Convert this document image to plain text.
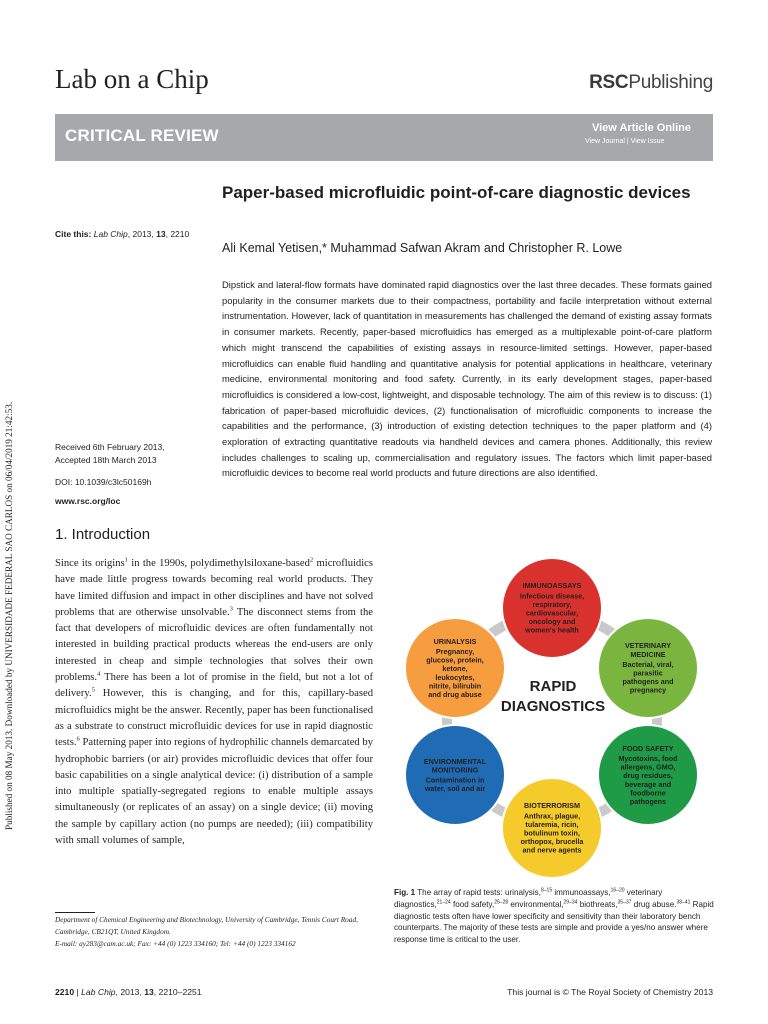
Published on 08 May 2013. Downloaded by UNIVERSIDADE FEDERAL SAO CARLOS on 06/04/2019 21:42:53.
Lab on a Chip	RSCPublishing
CRITICAL REVIEW	View Article Online
View Journal | View Issue
Paper-based microfluidic point-of-care diagnostic devices
Cite this: Lab Chip, 2013, 13, 2210
Ali Kemal Yetisen,* Muhammad Safwan Akram and Christopher R. Lowe
Dipstick and lateral-flow formats have dominated rapid diagnostics over the last three decades. These formats gained popularity in the consumer markets due to their compactness, portability and facile interpretation without external instrumentation. However, lack of quantitation in measurements has challenged the demand of existing assay formats in consumer markets. Recently, paper-based microfluidics has emerged as a multiplexable point-of-care platform which might transcend the capabilities of existing assays in resource-limited settings. However, paper-based microfluidics can enable fluid handling and quantitative analysis for potential applications in healthcare, veterinary medicine, environmental monitoring and food safety. Currently, in its early development stages, paper-based microfluidics is considered a low-cost, lightweight, and disposable technology. The aim of this review is to discuss: (1) fabrication of paper-based microfluidic devices, (2) functionalisation of microfluidic components to increase the capabilities and the performance, (3) introduction of existing detection techniques to the paper platform and (4) exploration of extracting quantitative readouts via handheld devices and camera phones. Additionally, this review includes challenges to scaling up, commercialisation and regulatory issues. The factors which limit paper-based microfluidic devices to become real world products and future directions are also identified.
Received 6th February 2013,
Accepted 18th March 2013
DOI: 10.1039/c3lc50169h
www.rsc.org/loc
1. Introduction
Since its origins$^1$ in the 1990s, polydimethylsiloxane-based$^2$ microfluidics have made little progress towards becoming real world products. They have limited diffusion and impact in other disciplines and have not solved problems that are otherwise unsolvable.$^3$ The disconnect stems from the fact that developers of microfluidic devices are often fundamentally not interested in building practical products whereas the end-users are only interested in cheap and simple technologies that solves their own problems.$^4$ There has been a lot of promise in the field, but not a lot of delivery.$^5$ However, this is changing, and for this, capillary-based microfluidics might be the answer. Recently, paper has been functionalised as a substrate to construct microfluidic devices for use in rapid diagnostic tests.$^6$ Patterning paper into regions of hydrophilic channels demarcated by hydrophobic barriers (or air) provides microfluidic devices that offer four basic capabilities on a single analytical device: (i) distribution of a sample into multiple spatially-segregated regions to enable multiple assays simultaneously (or replicates of an assay) on a single device; (ii) moving the sample by capillary action (no pumps are needed); (iii) compatibility with small volumes of sample,
Department of Chemical Engineering and Biotechnology, University of Cambridge, Tennis Court Road, Cambridge, CB21QT, United Kingdom.
E-mail: ay283@cam.ac.uk; Fax: +44 (0) 1223 334160; Tel: +44 (0) 1223 334162
IMMUNOASSAYS
Infectious disease,
respiratory,
cardiovascular,
oncology and
women's health
VETERINARY
MEDICINE
Bacterial, viral,
parasitic
pathogens and
pregnancy
FOOD SAFETY
Mycotoxins, food
allergens, GMO,
drug residues,
beverage and
foodborne
pathogens
BIOTERRORISM
Anthrax, plague,
tularemia, ricin,
botulinum toxin,
orthopox, brucella
and nerve agents
ENVIRONMENTAL
MONITORING
Contamination in
water, soil and air
URINALYSIS
Pregnancy,
glucose, protein,
ketone,
leukocytes,
nitrite, bilirubin
and drug abuse	RAPID
DIAGNOSTICS
Fig. 1 The array of rapid tests: urinalysis,$^{8-15}$ immunoassays,$^{16-20}$ veterinary diagnostics,$^{21-24}$ food safety,$^{25-28}$ environmental,$^{29-34}$ biothreats,$^{35-37}$ drug abuse.$^{38-41}$ Rapid diagnostic tests often have lower specificity and sensitivity than their laboratory bench counterparts. The majority of these tests are simple and provide a yes/no answer where response time is critical to the user.
2210 | Lab Chip, 2013, 13, 2210–2251	This journal is © The Royal Society of Chemistry 2013
